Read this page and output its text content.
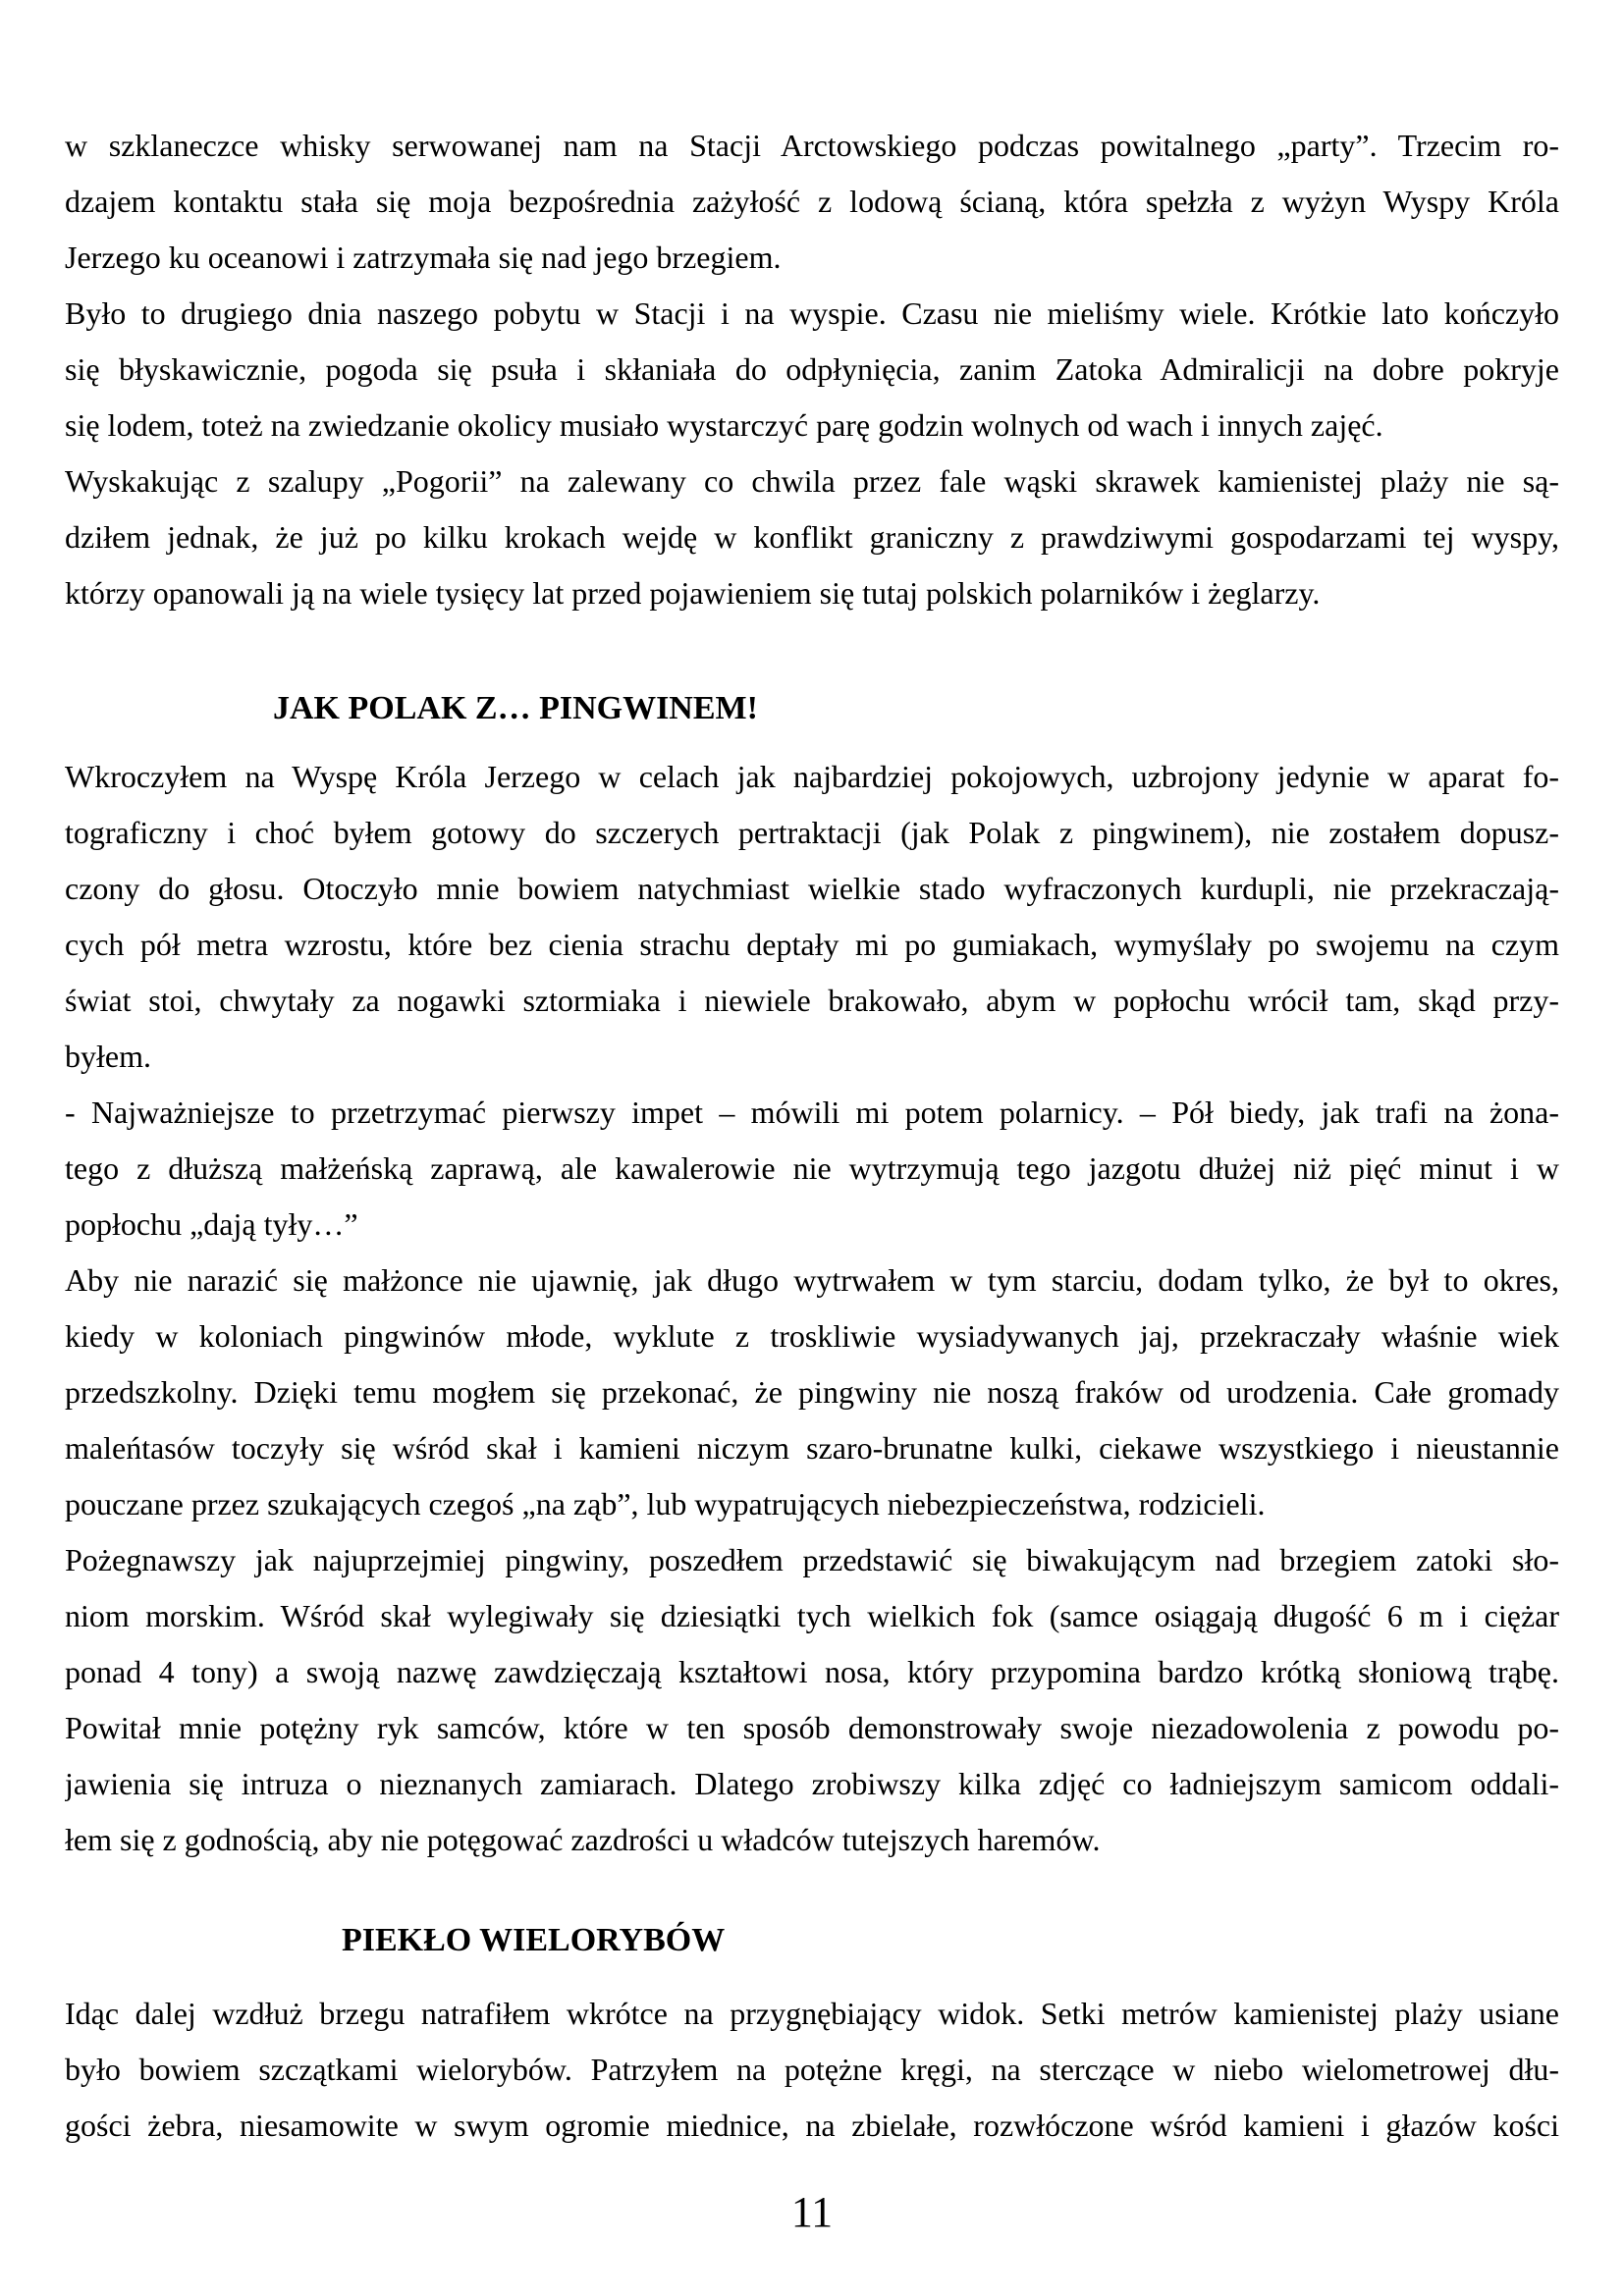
w szklaneczce whisky serwowanej nam na Stacji Arctowskiego podczas powitalnego „party”. Trzecim ro-
dzajem kontaktu stała się moja bezpośrednia zażyłość z lodową ścianą, która spełzła z wyżyn Wyspy Króla
Jerzego ku oceanowi i zatrzymała się nad jego brzegiem.
Było to drugiego dnia naszego pobytu w Stacji i na wyspie. Czasu nie mieliśmy wiele. Krótkie lato kończyło
się błyskawicznie, pogoda się psuła i skłaniała do odpłynięcia, zanim Zatoka Admiralicji na dobre pokryje
się lodem, toteż na zwiedzanie okolicy musiało wystarczyć parę godzin wolnych od wach i innych zajęć.
Wyskakując z szalupy „Pogorii” na zalewany co chwila przez fale wąski skrawek kamienistej plaży nie są-
dziłem jednak, że już po kilku krokach wejdę w konflikt graniczny z prawdziwymi gospodarzami tej wyspy,
którzy opanowali ją na wiele tysięcy lat przed pojawieniem się tutaj polskich polarników i żeglarzy.
JAK POLAK Z… PINGWINEM!
Wkroczyłem na Wyspę Króla Jerzego w celach jak najbardziej pokojowych, uzbrojony jedynie w aparat fo-
tograficzny i choć byłem gotowy do szczerych pertraktacji (jak Polak z pingwinem), nie zostałem dopusz-
czony do głosu. Otoczyło mnie bowiem natychmiast wielkie stado wyfraczonych kurdupli, nie przekraczają-
cych pół metra wzrostu, które bez cienia strachu deptały mi po gumiakach, wymyślały po swojemu na czym
świat stoi, chwytały za nogawki sztormiaka i niewiele brakowało, abym w popłochu wrócił tam, skąd przy-
byłem.
- Najważniejsze to przetrzymać pierwszy impet – mówili mi potem polarnicy. – Pół biedy, jak trafi na żona-
tego z dłuższą małżeńską zaprawą, ale kawalerowie nie wytrzymują tego jazgotu dłużej niż pięć minut i w
popłochu „dają tyły…”
Aby nie narazić się małżonce nie ujawnię, jak długo wytrwałem w tym starciu, dodam tylko, że był to okres,
kiedy w koloniach pingwinów młode, wyklute z troskliwie wysiadywanych jaj, przekraczały właśnie wiek
przedszkolny. Dzięki temu mogłem się przekonać, że pingwiny nie noszą fraków od urodzenia. Całe gromady
maleńtasów toczyły się wśród skał i kamieni niczym szaro-brunatne kulki, ciekawe wszystkiego i nieustannie
pouczane przez szukających czegoś „na ząb”, lub wypatrujących niebezpieczeństwa, rodzicieli.
Pożegnawszy jak najuprzejmiej pingwiny, poszedłem przedstawić się biwakującym nad brzegiem zatoki sło-
niom morskim. Wśród skał wylegiwały się dziesiątki tych wielkich fok (samce osiągają długość 6 m i ciężar
ponad 4 tony) a swoją nazwę zawdzięczają kształtowi nosa, który przypomina bardzo krótką słoniową trąbę.
Powitał mnie potężny ryk samców, które w ten sposób demonstrowały swoje niezadowolenia z powodu po-
jawienia się intruza o nieznanych zamiarach. Dlatego zrobiwszy kilka zdjęć co ładniejszym samicom oddali-
łem się z godnością, aby nie potęgować zazdrości u władców tutejszych haremów.
PIEKŁO WIELORYBÓW
Idąc dalej wzdłuż brzegu natrafiłem wkrótce na przygnębiający widok. Setki metrów kamienistej plaży usiane
było bowiem szczątkami wielorybów. Patrzyłem na potężne kręgi, na sterczące w niebo wielometrowej dłu-
gości żebra, niesamowite w swym ogromie miednice, na zbielałe, rozwłóczone wśród kamieni i głazów kości
11
